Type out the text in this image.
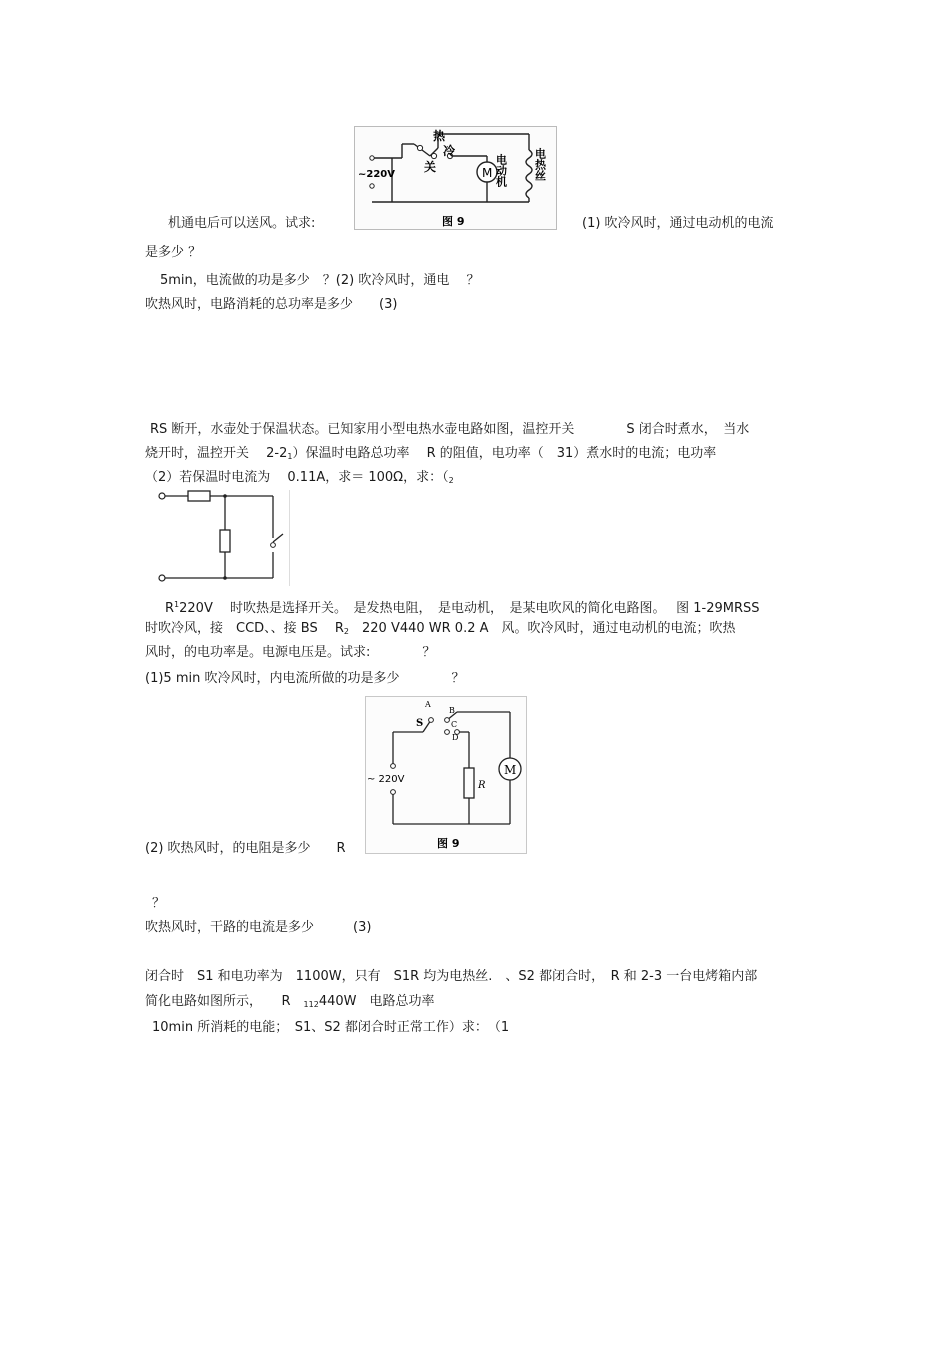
机通电后可以送风。试求:
M
热
冷
关
~220V	电动机 电热丝
图 9	(1) 吹冷风时，通过电动机的电流
是多少 ？
5min，电流做的功是多少　？(2) 吹冷风时，通电　 ？
吹热风时，电路消耗的总功率是多少　　(3)
RS 断开，水壶处于保温状态。已知家用小型电热水壶电路如图，温控开关　　　　S 闭合时煮水，　当水
烧开时，温控开关　 $2-2_1$）保温时电路总功率　 R 的阻值，电功率（　31）煮水时的电流；电功率
（2）若保温时电流为　 0.11A，求＝ 100Ω，求：（$_2$
$R^1220V$　 时吹热是选择开关。　是发热电阻，　是电动机，　是某电吹风的简化电路图。　 图 1-29MRSS
时吹冷风，接　CCD、、接 BS　 $R_2$　220 V440 WR 0.2 A　风。吹冷风时，通过电动机的电流；吹热
风时，的电功率是。电源电压是。试求:　　　　？
(1)5 min 吹冷风时，内电流所做的功是多少　　　　？
M
S
A
B
C
D
R
~ 220V
图 9
(2) 吹热风时，的电阻是多少　　R
？
吹热风时，干路的电流是多少　　　(3)
闭合时　S1 和电功率为　1100W，只有　S1R 均为电热丝.　、S2 都闭合时，　R 和 2-3 一台电烤箱内部
简化电路如图所示，　　R　$_{112}$440W　电路总功率
10min 所消耗的电能；　S1、S2 都闭合时正常工作）求：　（1
